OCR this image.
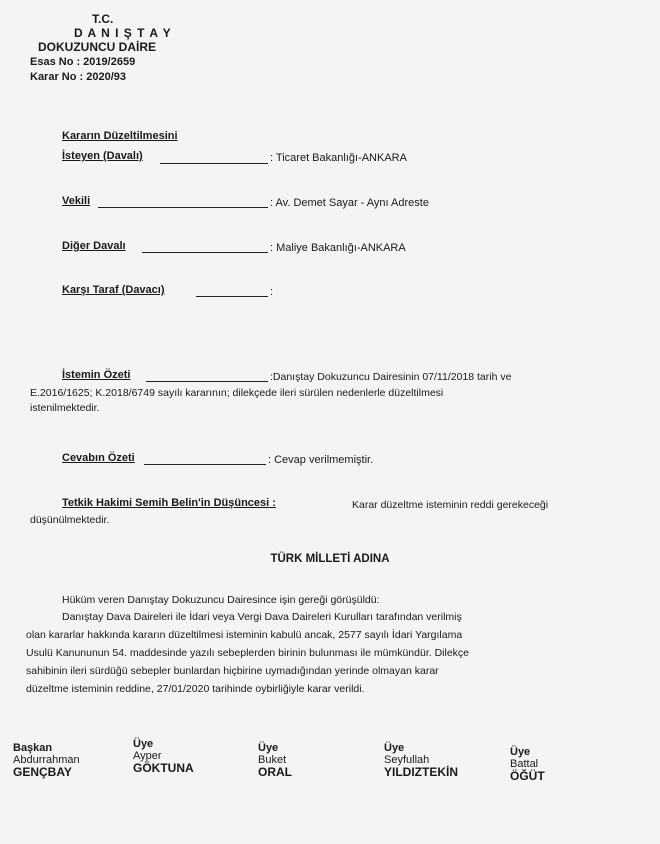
T.C.
D A N I Ş T A Y
DOKUZUNCU DAİRE
Esas No : 2019/2659
Karar No : 2020/93
Kararın Düzeltilmesini
İsteyen (Davalı)	: Ticaret Bakanlığı-ANKARA
Vekili	: Av. Demet Sayar - Aynı Adreste
Diğer Davalı	: Maliye Bakanlığı-ANKARA
Karşı Taraf (Davacı)	:
İstemin Özeti	:Danıştay Dokuzuncu Dairesinin 07/11/2018 tarih ve
E.2016/1625; K.2018/6749 sayılı kararının; dilekçede ileri sürülen nedenlerle düzeltilmesi
istenilmektedir.
Cevabın Özeti	: Cevap verilmemiştir.
Tetkik Hakimi Semih Belin'in Düşüncesi :	Karar düzeltme isteminin reddi gerekeceği
düşünülmektedir.
TÜRK MİLLETİ ADINA
Hüküm veren Danıştay Dokuzuncu Dairesince işin gereği görüşüldü:
Danıştay Dava Daireleri ile İdari veya Vergi Dava Daireleri Kurulları tarafından verilmiş
olan kararlar hakkında kararın düzeltilmesi isteminin kabulü ancak, 2577 sayılı İdari Yargılama
Usulü Kanununun 54. maddesinde yazılı sebeplerden birinin bulunması ile mümkündür. Dilekçe
sahibinin ileri sürdüğü sebepler bunlardan hiçbirine uymadığından yerinde olmayan karar
düzeltme isteminin reddine, 27/01/2020 tarihinde oybirliğiyle karar verildi.
Başkan
Abdurrahman
GENÇBAY
Üye
Ayper
GÖKTUNA
Üye
Buket
ORAL
Üye
Seyfullah
YILDIZTEKİN
Üye
Battal
ÖĞÜT
